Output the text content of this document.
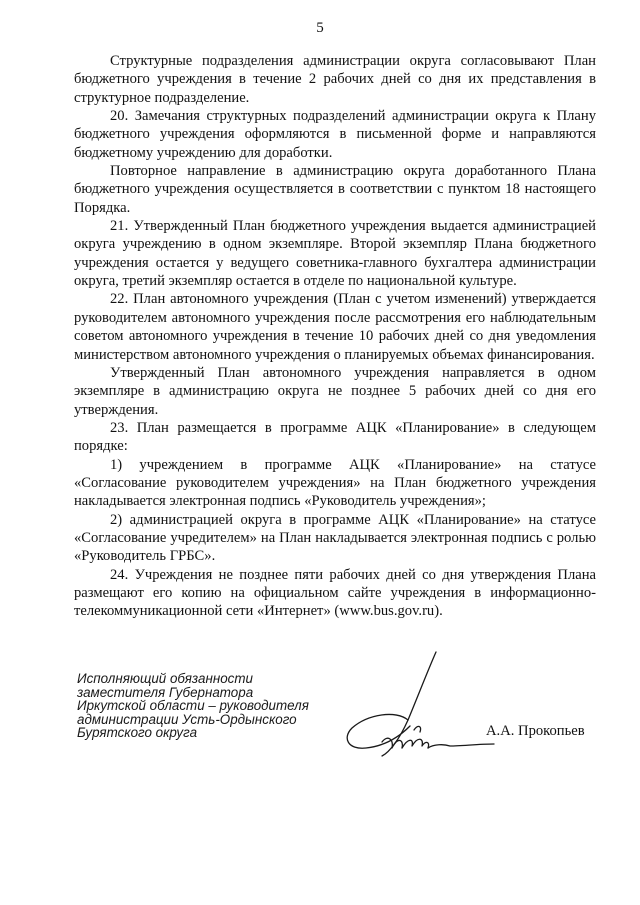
5

Структурные подразделения администрации округа согласовывают План бюджетного учреждения в течение 2 рабочих дней со дня их представления в структурное подразделение.

20. Замечания структурных подразделений администрации округа к Плану бюджетного учреждения оформляются в письменной форме и направляются бюджетному учреждению для доработки.

Повторное направление в администрацию округа доработанного Плана бюджетного учреждения осуществляется в соответствии с пунктом 18 настоящего Порядка.

21. Утвержденный План бюджетного учреждения выдается администрацией округа учреждению в одном экземпляре. Второй экземпляр Плана бюджетного учреждения остается у ведущего советника-главного бухгалтера администрации округа, третий экземпляр остается в отделе по национальной культуре.

22. План автономного учреждения (План с учетом изменений) утверждается руководителем автономного учреждения после рассмотрения его наблюдательным советом автономного учреждения в течение 10 рабочих дней со дня уведомления министерством автономного учреждения о планируемых объемах финансирования.

Утвержденный План автономного учреждения направляется в одном экземпляре в администрацию округа не позднее 5 рабочих дней со дня его утверждения.

23. План размещается в программе АЦК «Планирование» в следующем порядке:

1) учреждением в программе АЦК «Планирование» на статусе «Согласование руководителем учреждения» на План бюджетного учреждения накладывается электронная подпись «Руководитель учреждения»;

2) администрацией округа в программе АЦК «Планирование» на статусе «Согласование учредителем» на План накладывается электронная подпись с ролью «Руководитель ГРБС».

24. Учреждения не позднее пяти рабочих дней со дня утверждения Плана размещают его копию на официальном сайте учреждения в информационно-телекоммуникационной сети «Интернет» (www.bus.gov.ru).

Исполняющий обязанности
заместителя Губернатора
Иркутской области – руководителя
администрации Усть-Ордынского
Бурятского округа	А.А. Прокопьев
